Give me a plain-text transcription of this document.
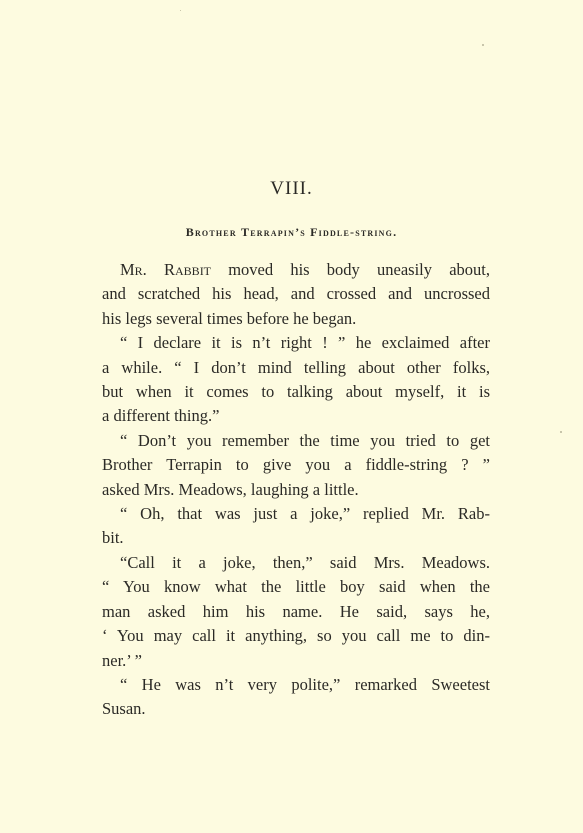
VIII.
Brother Terrapin’s Fiddle-string.
Mr. Rabbit moved his body uneasily about,
and scratched his head, and crossed and uncrossed
his legs several times before he began.
“ I declare it is n’t right ! ” he exclaimed after
a while. “ I don’t mind telling about other folks,
but when it comes to talking about myself, it is
a different thing.”
“ Don’t you remember the time you tried to get
Brother Terrapin to give you a fiddle-string ? ”
asked Mrs. Meadows, laughing a little.
“ Oh, that was just a joke,” replied Mr. Rab-
bit.
“Call it a joke, then,” said Mrs. Meadows.
“ You know what the little boy said when the
man asked him his name. He said, says he,
‘ You may call it anything, so you call me to din-
ner.’ ”
“ He was n’t very polite,” remarked Sweetest
Susan.
